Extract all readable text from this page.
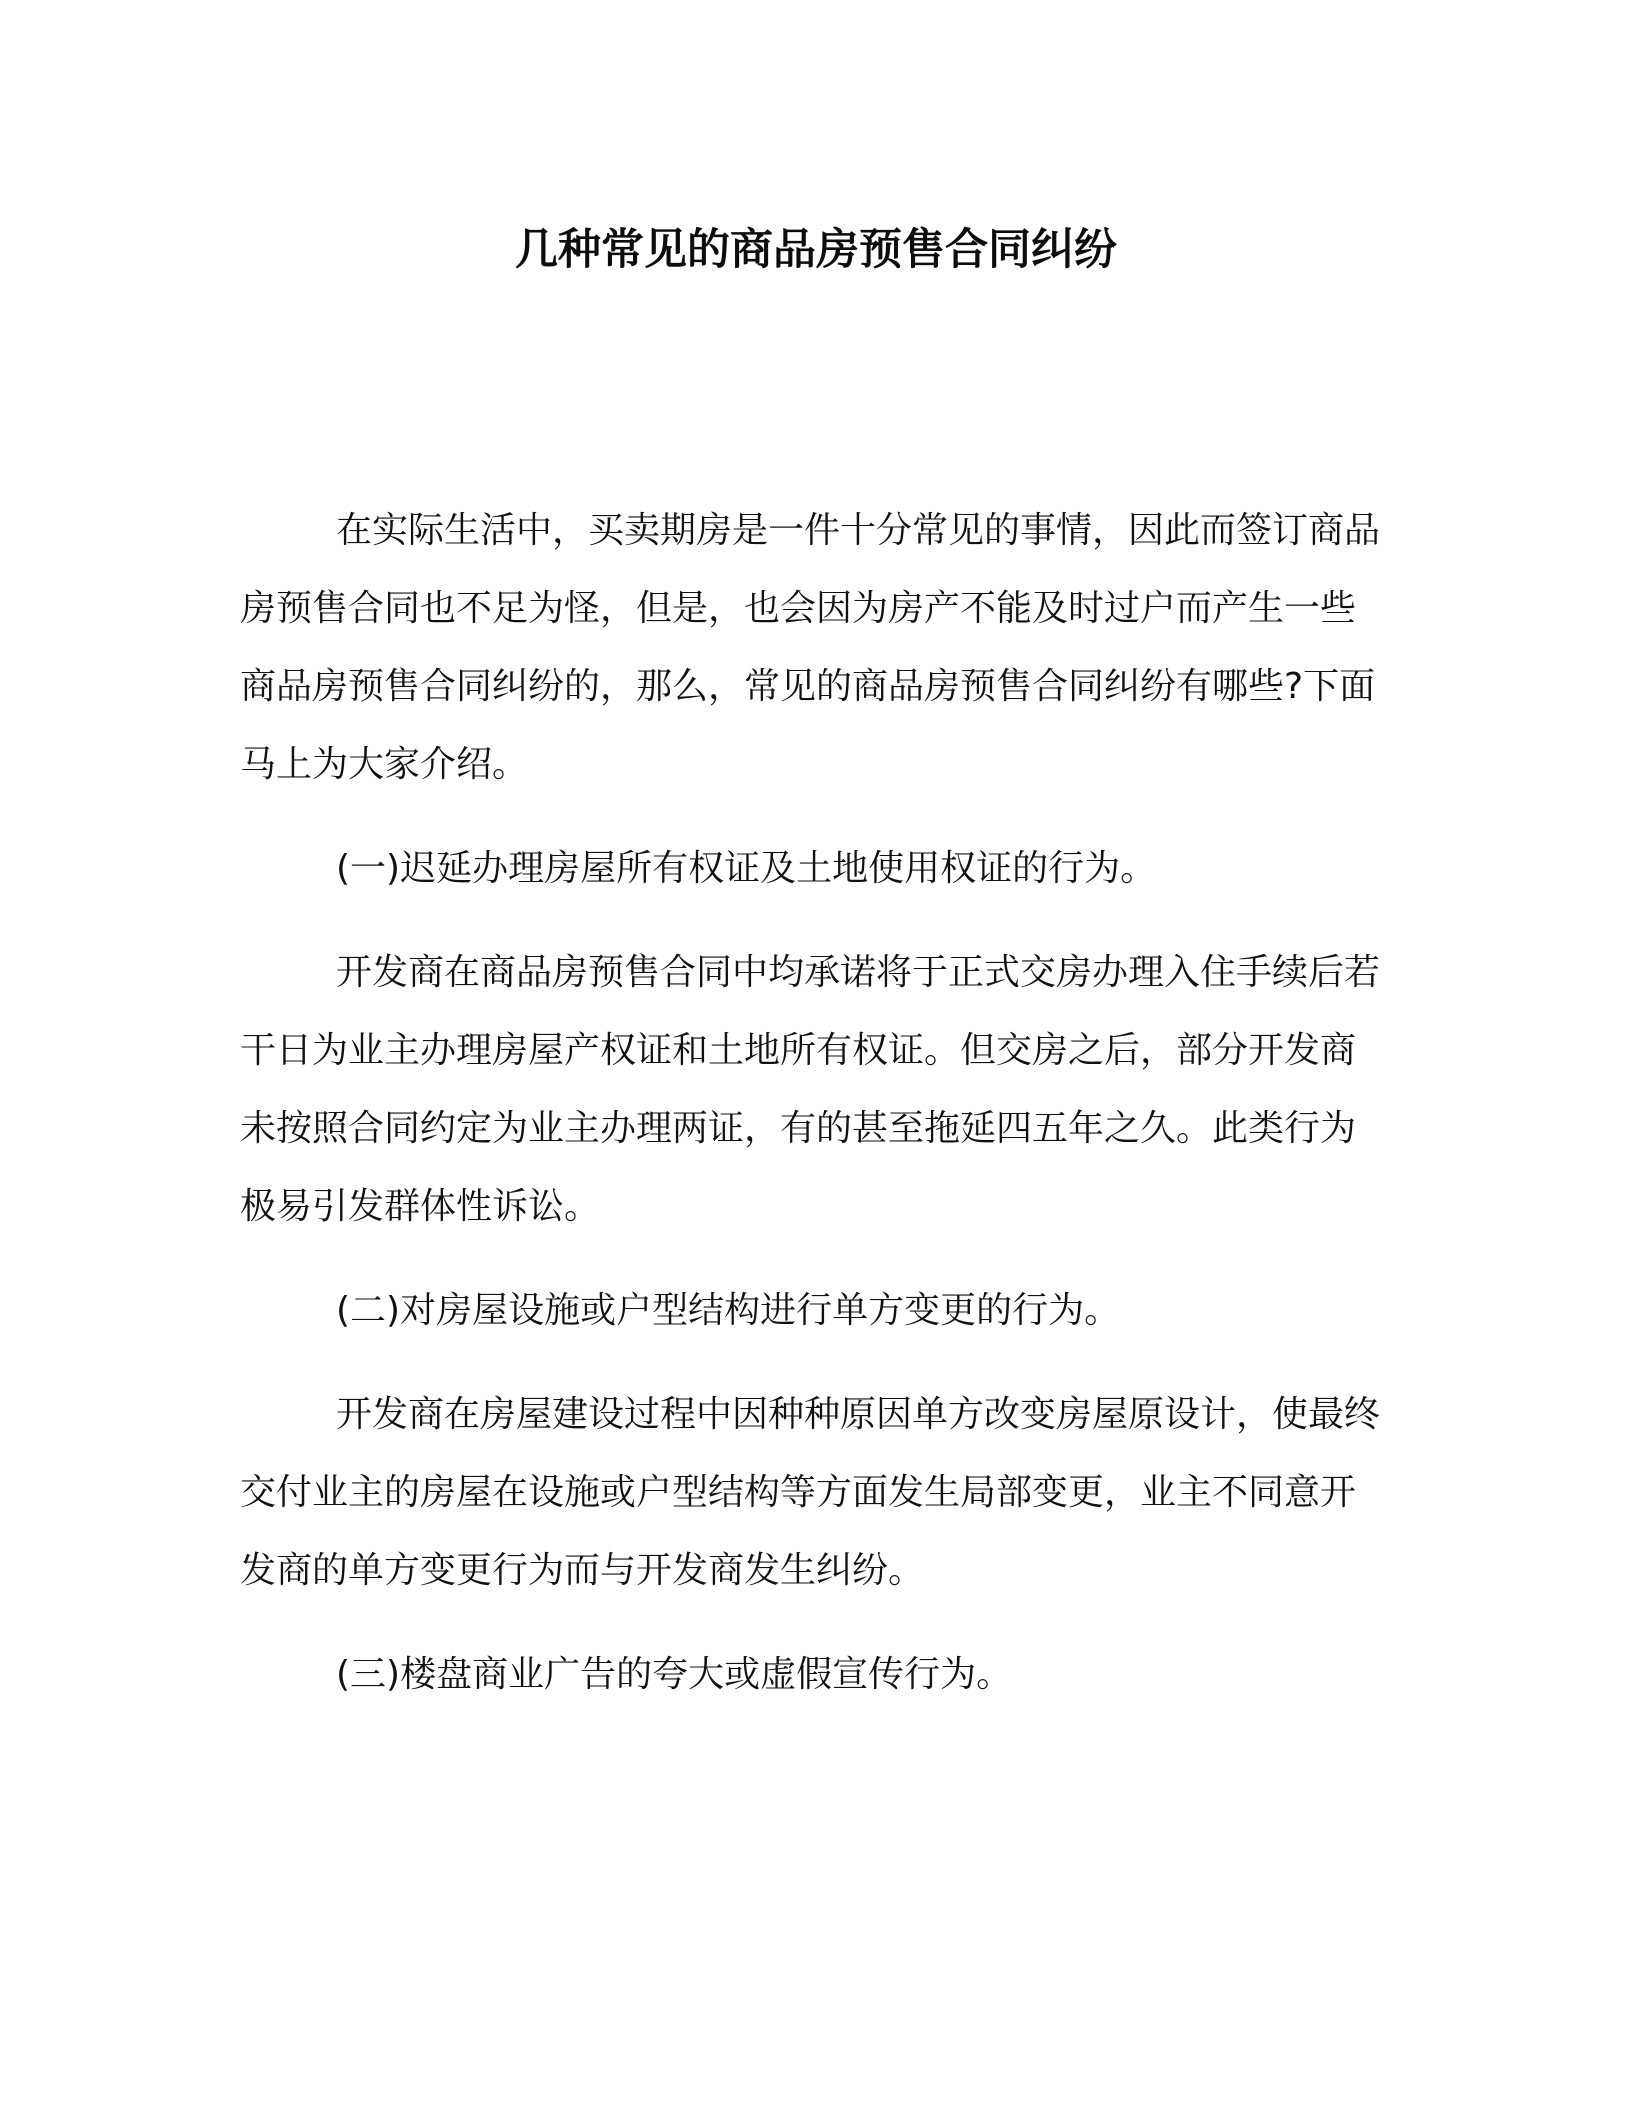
几种常见的商品房预售合同纠纷

在实际生活中，买卖期房是一件十分常见的事情，因此而签订商品房预售合同也不足为怪，但是，也会因为房产不能及时过户而产生一些商品房预售合同纠纷的，那么，常见的商品房预售合同纠纷有哪些?下面马上为大家介绍。

(一)迟延办理房屋所有权证及土地使用权证的行为。

开发商在商品房预售合同中均承诺将于正式交房办理入住手续后若干日为业主办理房屋产权证和土地所有权证。但交房之后，部分开发商未按照合同约定为业主办理两证，有的甚至拖延四五年之久。此类行为极易引发群体性诉讼。

(二)对房屋设施或户型结构进行单方变更的行为。

开发商在房屋建设过程中因种种原因单方改变房屋原设计，使最终交付业主的房屋在设施或户型结构等方面发生局部变更，业主不同意开发商的单方变更行为而与开发商发生纠纷。

(三)楼盘商业广告的夸大或虚假宣传行为。
